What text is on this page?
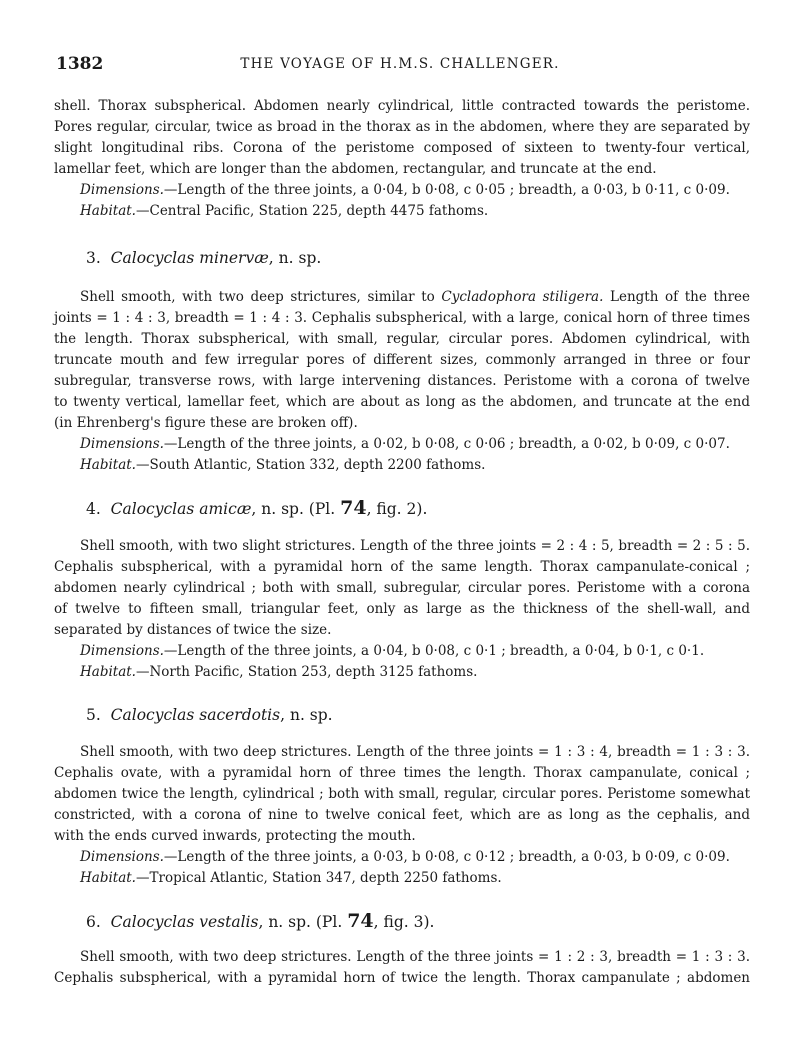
1382	THE VOYAGE OF H.M.S. CHALLENGER.

shell. Thorax subspherical. Abdomen nearly cylindrical, little contracted towards the peristome.

Pores regular, circular, twice as broad in the thorax as in the abdomen, where they are separated by

slight longitudinal ribs. Corona of the peristome composed of sixteen to twenty-four vertical,

lamellar feet, which are longer than the abdomen, rectangular, and truncate at the end.

Dimensions.—Length of the three joints, a 0·04, b 0·08, c 0·05 ; breadth, a 0·03, b 0·11, c 0·09.

Habitat.—Central Pacific, Station 225, depth 4475 fathoms.

3. Calocyclas minervæ, n. sp.

Shell smooth, with two deep strictures, similar to Cycladophora stiligera. Length of the three

joints = 1 : 4 : 3, breadth = 1 : 4 : 3. Cephalis subspherical, with a large, conical horn of three times

the length. Thorax subspherical, with small, regular, circular pores. Abdomen cylindrical, with

truncate mouth and few irregular pores of different sizes, commonly arranged in three or four

subregular, transverse rows, with large intervening distances. Peristome with a corona of twelve

to twenty vertical, lamellar feet, which are about as long as the abdomen, and truncate at the end

(in Ehrenberg's figure these are broken off).

Dimensions.—Length of the three joints, a 0·02, b 0·08, c 0·06 ; breadth, a 0·02, b 0·09, c 0·07.

Habitat.—South Atlantic, Station 332, depth 2200 fathoms.

4. Calocyclas amicæ, n. sp. (Pl. 74, fig. 2).

Shell smooth, with two slight strictures. Length of the three joints = 2 : 4 : 5, breadth = 2 : 5 : 5.

Cephalis subspherical, with a pyramidal horn of the same length. Thorax campanulate-conical ;

abdomen nearly cylindrical ; both with small, subregular, circular pores. Peristome with a corona

of twelve to fifteen small, triangular feet, only as large as the thickness of the shell-wall, and

separated by distances of twice the size.

Dimensions.—Length of the three joints, a 0·04, b 0·08, c 0·1 ; breadth, a 0·04, b 0·1, c 0·1.

Habitat.—North Pacific, Station 253, depth 3125 fathoms.

5. Calocyclas sacerdotis, n. sp.

Shell smooth, with two deep strictures. Length of the three joints = 1 : 3 : 4, breadth = 1 : 3 : 3.

Cephalis ovate, with a pyramidal horn of three times the length. Thorax campanulate, conical ;

abdomen twice the length, cylindrical ; both with small, regular, circular pores. Peristome somewhat

constricted, with a corona of nine to twelve conical feet, which are as long as the cephalis, and

with the ends curved inwards, protecting the mouth.

Dimensions.—Length of the three joints, a 0·03, b 0·08, c 0·12 ; breadth, a 0·03, b 0·09, c 0·09.

Habitat.—Tropical Atlantic, Station 347, depth 2250 fathoms.

6. Calocyclas vestalis, n. sp. (Pl. 74, fig. 3).

Shell smooth, with two deep strictures. Length of the three joints = 1 : 2 : 3, breadth = 1 : 3 : 3.

Cephalis subspherical, with a pyramidal horn of twice the length. Thorax campanulate ; abdomen
